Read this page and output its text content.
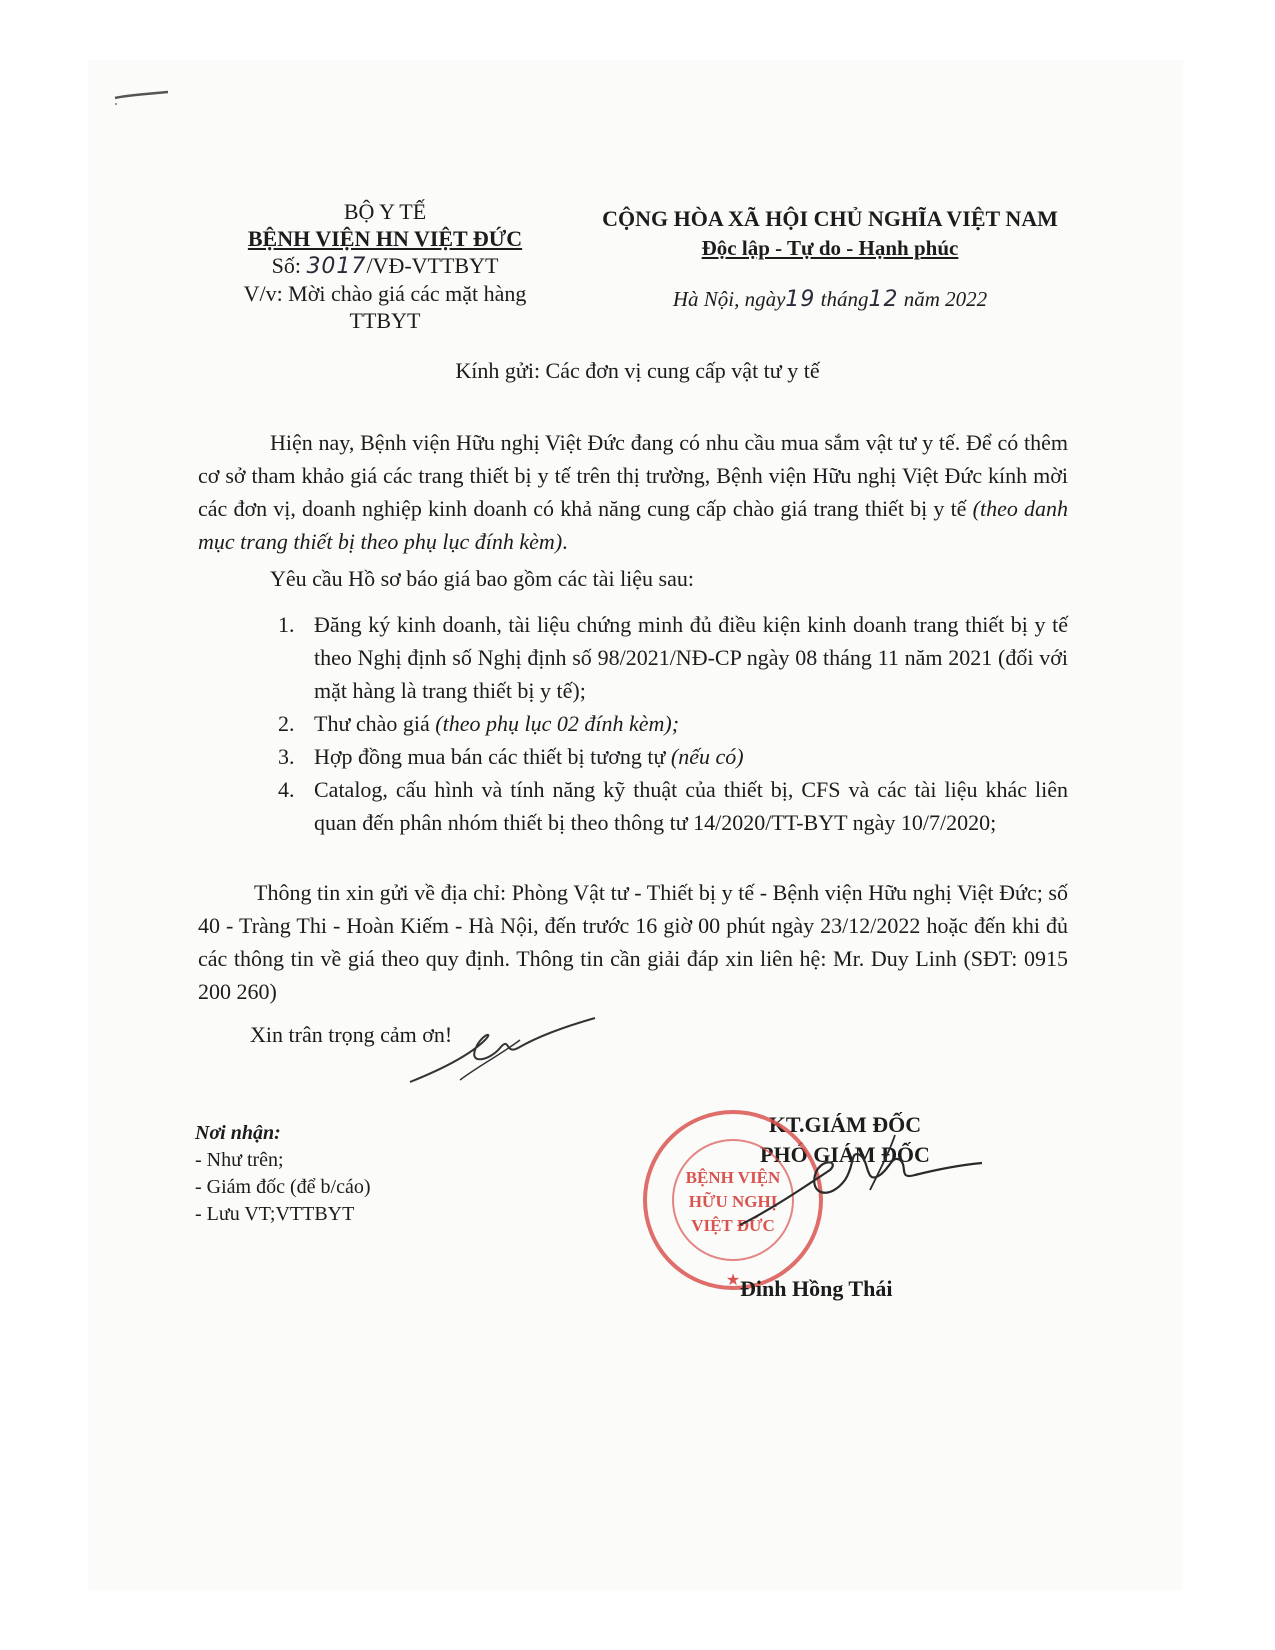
BỘ Y TẾ
BỆNH VIỆN HN VIỆT ĐỨC
Số: 3017/VĐ-VTTBYT
V/v: Mời chào giá các mặt hàng
TTBYT
CỘNG HÒA XÃ HỘI CHỦ NGHĨA VIỆT NAM
Độc lập - Tự do - Hạnh phúc
Hà Nội, ngày19 tháng12 năm 2022
Kính gửi: Các đơn vị cung cấp vật tư y tế
Hiện nay, Bệnh viện Hữu nghị Việt Đức đang có nhu cầu mua sắm vật tư y tế. Để có thêm cơ sở tham khảo giá các trang thiết bị y tế trên thị trường, Bệnh viện Hữu nghị Việt Đức kính mời các đơn vị, doanh nghiệp kinh doanh có khả năng cung cấp chào giá trang thiết bị y tế (theo danh mục trang thiết bị theo phụ lục đính kèm).
Yêu cầu Hồ sơ báo giá bao gồm các tài liệu sau:
1. Đăng ký kinh doanh, tài liệu chứng minh đủ điều kiện kinh doanh trang thiết bị y tế theo Nghị định số Nghị định số 98/2021/NĐ-CP ngày 08 tháng 11 năm 2021 (đối với mặt hàng là trang thiết bị y tế);
2. Thư chào giá (theo phụ lục 02 đính kèm);
3. Hợp đồng mua bán các thiết bị tương tự (nếu có)
4. Catalog, cấu hình và tính năng kỹ thuật của thiết bị, CFS và các tài liệu khác liên quan đến phân nhóm thiết bị theo thông tư 14/2020/TT-BYT ngày 10/7/2020;
Thông tin xin gửi về địa chỉ: Phòng Vật tư - Thiết bị y tế - Bệnh viện Hữu nghị Việt Đức; số 40 - Tràng Thi - Hoàn Kiếm - Hà Nội, đến trước 16 giờ 00 phút ngày 23/12/2022 hoặc đến khi đủ các thông tin về giá theo quy định. Thông tin cần giải đáp xin liên hệ: Mr. Duy Linh (SĐT: 0915 200 260)
Xin trân trọng cảm ơn!
Nơi nhận:
- Như trên;
- Giám đốc (để b/cáo)
- Lưu VT;VTTBYT
KT.GIÁM ĐỐC
PHÓ GIÁM ĐỐC
BỆNH VIỆN
HỮU NGHỊ
VIỆT ĐỨC
★ Đinh Hồng Thái
